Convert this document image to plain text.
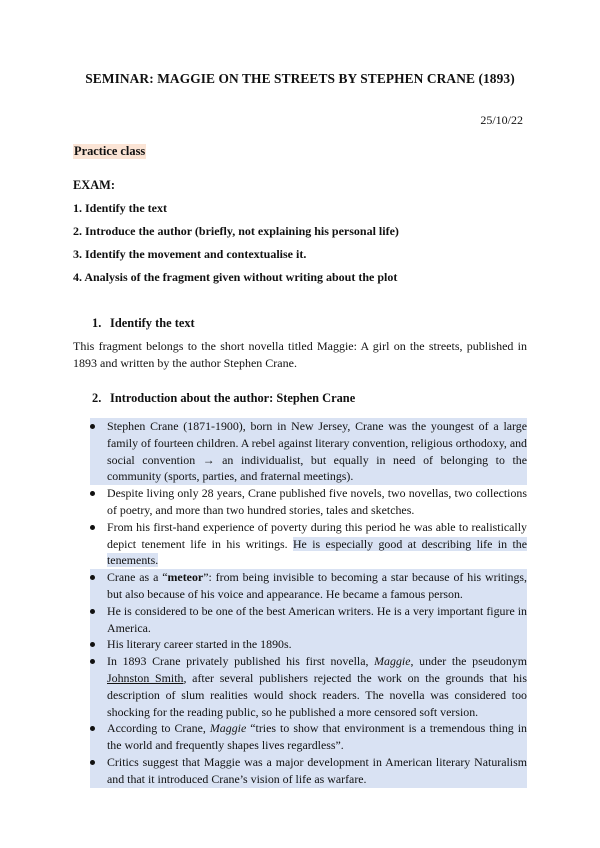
SEMINAR: MAGGIE ON THE STREETS BY STEPHEN CRANE (1893)
25/10/22
Practice class
EXAM:
1. Identify the text
2. Introduce the author (briefly, not explaining his personal life)
3. Identify the movement and contextualise it.
4. Analysis of the fragment given without writing about the plot
1. Identify the text
This fragment belongs to the short novella titled Maggie: A girl on the streets, published in
1893 and written by the author Stephen Crane.
2. Introduction about the author: Stephen Crane
Stephen Crane (1871-1900), born in New Jersey, Crane was the youngest of a large family of fourteen children. A rebel against literary convention, religious orthodoxy, and social convention → an individualist, but equally in need of belonging to the community (sports, parties, and fraternal meetings).
Despite living only 28 years, Crane published five novels, two novellas, two collections of poetry, and more than two hundred stories, tales and sketches.
From his first-hand experience of poverty during this period he was able to realistically depict tenement life in his writings. He is especially good at describing life in the tenements.
Crane as a “meteor”: from being invisible to becoming a star because of his writings, but also because of his voice and appearance. He became a famous person.
He is considered to be one of the best American writers. He is a very important figure in America.
His literary career started in the 1890s.
In 1893 Crane privately published his first novella, Maggie, under the pseudonym Johnston Smith, after several publishers rejected the work on the grounds that his description of slum realities would shock readers. The novella was considered too shocking for the reading public, so he published a more censored soft version.
According to Crane, Maggie “tries to show that environment is a tremendous thing in the world and frequently shapes lives regardless”.
Critics suggest that Maggie was a major development in American literary Naturalism and that it introduced Crane’s vision of life as warfare.
